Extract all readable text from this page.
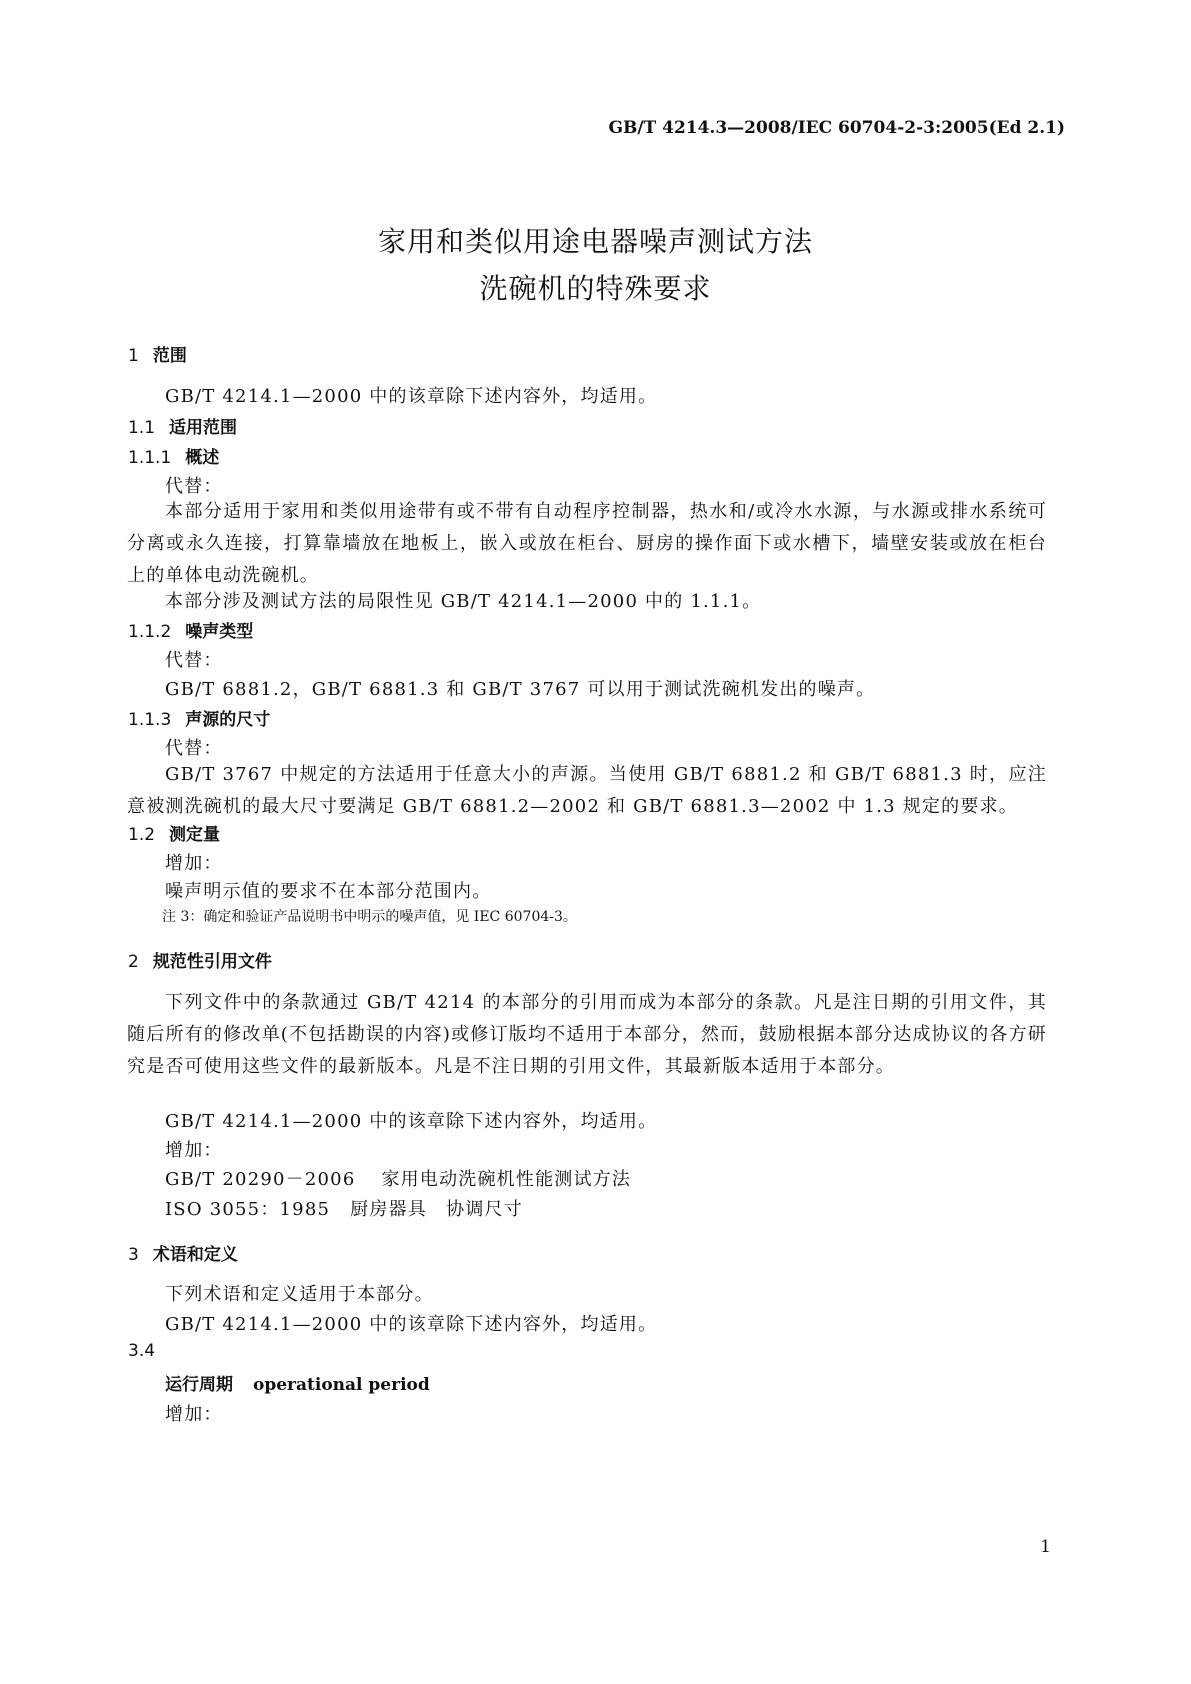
GB/T 4214.3—2008/IEC 60704-2-3:2005(Ed 2.1)
家用和类似用途电器噪声测试方法
洗碗机的特殊要求
1 范围
GB/T 4214.1—2000 中的该章除下述内容外，均适用。
1.1 适用范围
1.1.1 概述
代替：
本部分适用于家用和类似用途带有或不带有自动程序控制器，热水和/或冷水水源，与水源或排水系统可分离或永久连接，打算靠墙放在地板上，嵌入或放在柜台、厨房的操作面下或水槽下，墙壁安装或放在柜台上的单体电动洗碗机。
本部分涉及测试方法的局限性见 GB/T 4214.1—2000 中的 1.1.1。
1.1.2 噪声类型
代替：
GB/T 6881.2，GB/T 6881.3 和 GB/T 3767 可以用于测试洗碗机发出的噪声。
1.1.3 声源的尺寸
代替：
GB/T 3767 中规定的方法适用于任意大小的声源。当使用 GB/T 6881.2 和 GB/T 6881.3 时，应注意被测洗碗机的最大尺寸要满足 GB/T 6881.2—2002 和 GB/T 6881.3—2002 中 1.3 规定的要求。
1.2 测定量
增加：
噪声明示值的要求不在本部分范围内。
注 3：确定和验证产品说明书中明示的噪声值，见 IEC 60704-3。
2 规范性引用文件
下列文件中的条款通过 GB/T 4214 的本部分的引用而成为本部分的条款。凡是注日期的引用文件，其随后所有的修改单(不包括勘误的内容)或修订版均不适用于本部分，然而，鼓励根据本部分达成协议的各方研究是否可使用这些文件的最新版本。凡是不注日期的引用文件，其最新版本适用于本部分。
GB/T 4214.1—2000 中的该章除下述内容外，均适用。
增加：
GB/T 20290－2006 家用电动洗碗机性能测试方法
ISO 3055：1985 厨房器具　协调尺寸
3 术语和定义
下列术语和定义适用于本部分。
GB/T 4214.1—2000 中的该章除下述内容外，均适用。
3.4
运行周期 operational period
增加：
1
